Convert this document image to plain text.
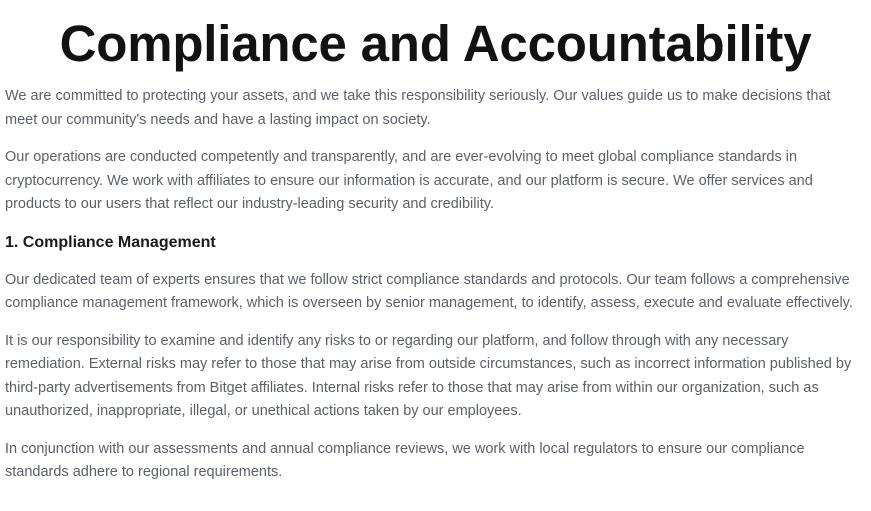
Compliance and Accountability

We are committed to protecting your assets, and we take this responsibility seriously. Our values guide us to make decisions that meet our community's needs and have a lasting impact on society.

Our operations are conducted competently and transparently, and are ever-evolving to meet global compliance standards in cryptocurrency. We work with affiliates to ensure our information is accurate, and our platform is secure. We offer services and products to our users that reflect our industry-leading security and credibility.

1. Compliance Management

Our dedicated team of experts ensures that we follow strict compliance standards and protocols. Our team follows a comprehensive compliance management framework, which is overseen by senior management, to identify, assess, execute and evaluate effectively.

It is our responsibility to examine and identify any risks to or regarding our platform, and follow through with any necessary remediation. External risks may refer to those that may arise from outside circumstances, such as incorrect information published by third-party advertisements from Bitget affiliates. Internal risks refer to those that may arise from within our organization, such as unauthorized, inappropriate, illegal, or unethical actions taken by our employees.

In conjunction with our assessments and annual compliance reviews, we work with local regulators to ensure our compliance standards adhere to regional requirements.
